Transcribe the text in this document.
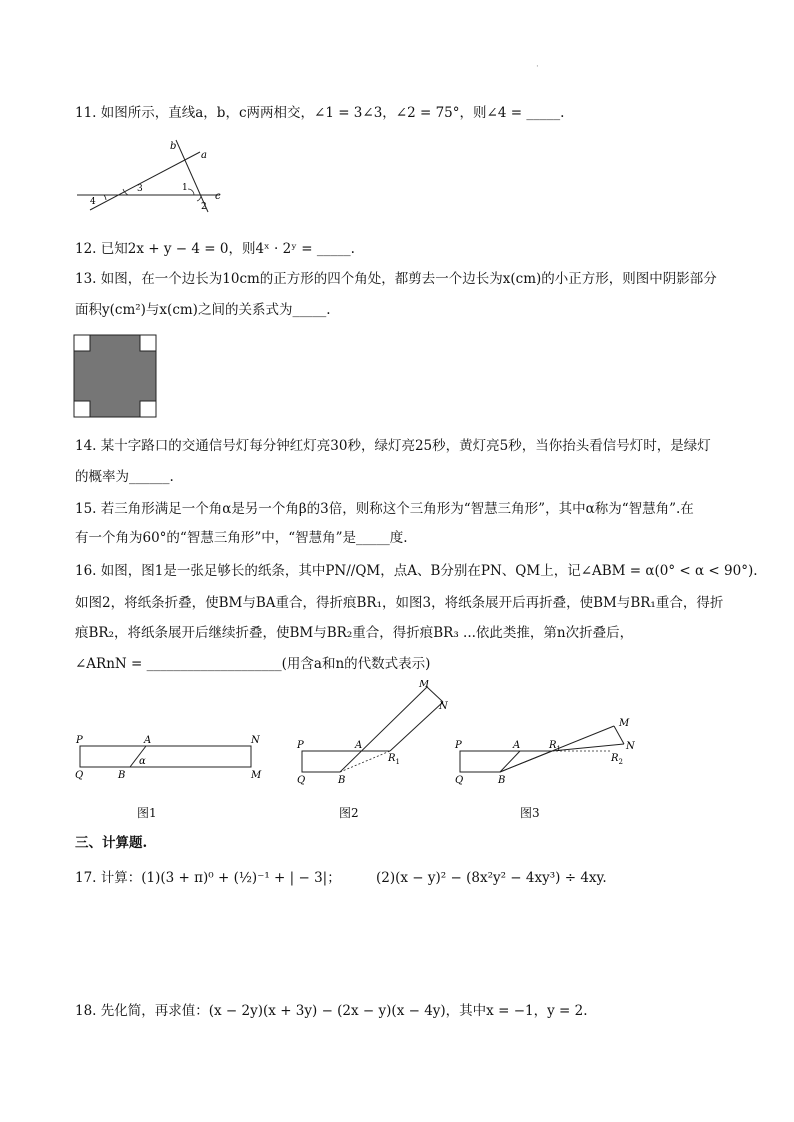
·
11. 如图所示，直线a，b，c两两相交，∠1 = 3∠3，∠2 = 75°，则∠4 = _____.
a
b
c
1
2
3
4
12. 已知2x + y − 4 = 0，则4ˣ · 2ʸ = _____.
13. 如图，在一个边长为10cm的正方形的四个角处，都剪去一个边长为x(cm)的小正方形，则图中阴影部分
面积y(cm²)与x(cm)之间的关系式为_____.
14. 某十字路口的交通信号灯每分钟红灯亮30秒，绿灯亮25秒，黄灯亮5秒，当你抬头看信号灯时，是绿灯
的概率为______.
15. 若三角形满足一个角α是另一个角β的3倍，则称这个三角形为“智慧三角形”，其中α称为“智慧角”.在
有一个角为60°的“智慧三角形”中，“智慧角”是_____度.
16. 如图，图1是一张足够长的纸条，其中PN//QM，点A、B分别在PN、QM上，记∠ABM = α(0° < α < 90°).
如图2，将纸条折叠，使BM与BA重合，得折痕BR₁，如图3，将纸条展开后再折叠，使BM与BR₁重合，得折
痕BR₂，将纸条展开后继续折叠，使BM与BR₂重合，得折痕BR₃ ...依此类推，第n次折叠后，
∠ARnN = ____________________(用含a和n的代数式表示)
P	A	N
Q	B	M
α
图1
P	A
M
N
$R_1$
Q	B
图2
P	A	$R_1$
M
N
$R_2$
Q	B
图3
三、计算题.
17. 计算：(1)(3 + π)⁰ + (½)⁻¹ + | − 3|；	(2)(x − y)² − (8x²y² − 4xy³) ÷ 4xy.
18. 先化简，再求值：(x − 2y)(x + 3y) − (2x − y)(x − 4y)，其中x = −1，y = 2.
